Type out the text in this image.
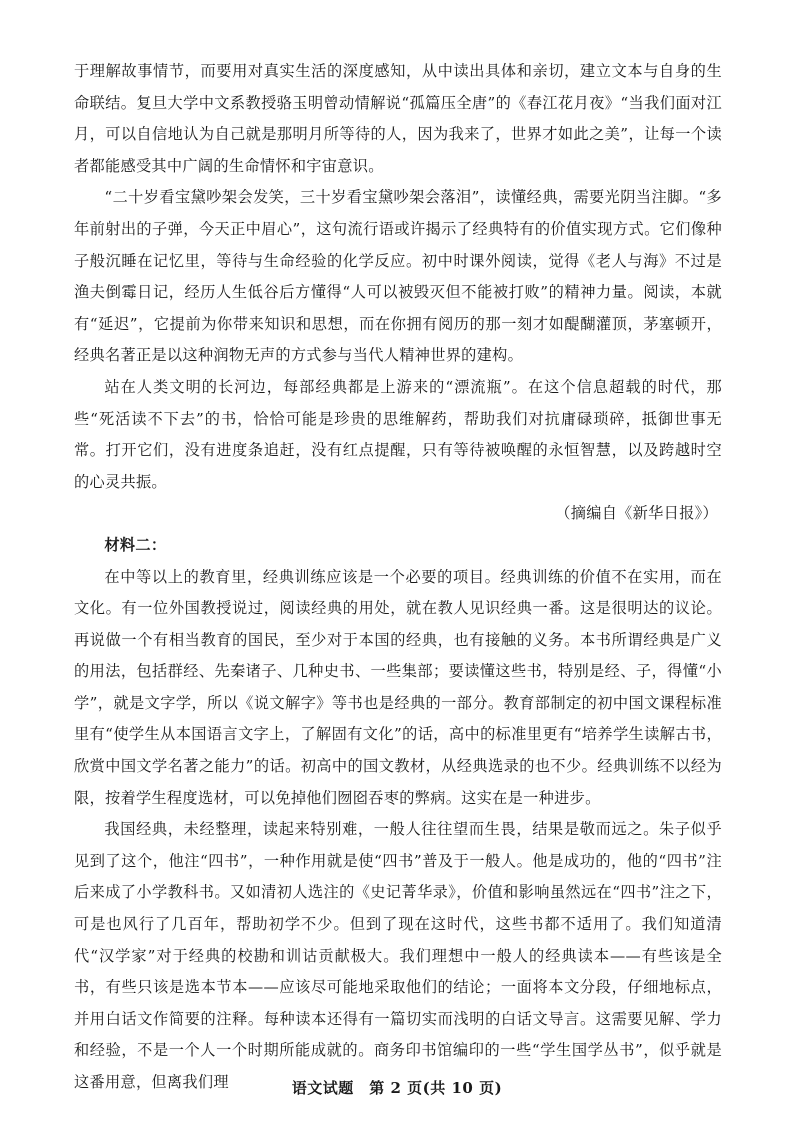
于理解故事情节，而要用对真实生活的深度感知，从中读出具体和亲切，建立文本与自身的生命联结。复旦大学中文系教授骆玉明曾动情解说“孤篇压全唐”的《春江花月夜》“当我们面对江月，可以自信地认为自己就是那明月所等待的人，因为我来了，世界才如此之美”，让每一个读者都能感受其中广阔的生命情怀和宇宙意识。

“二十岁看宝黛吵架会发笑，三十岁看宝黛吵架会落泪”，读懂经典，需要光阴当注脚。“多年前射出的子弹，今天正中眉心”，这句流行语或许揭示了经典特有的价值实现方式。它们像种子般沉睡在记忆里，等待与生命经验的化学反应。初中时课外阅读，觉得《老人与海》不过是渔夫倒霉日记，经历人生低谷后方懂得“人可以被毁灭但不能被打败”的精神力量。阅读，本就有“延迟”，它提前为你带来知识和思想，而在你拥有阅历的那一刻才如醍醐灌顶，茅塞顿开，经典名著正是以这种润物无声的方式参与当代人精神世界的建构。

站在人类文明的长河边，每部经典都是上游来的“漂流瓶”。在这个信息超载的时代，那些“死活读不下去”的书，恰恰可能是珍贵的思维解药，帮助我们对抗庸碌琐碎，抵御世事无常。打开它们，没有进度条追赶，没有红点提醒，只有等待被唤醒的永恒智慧，以及跨越时空的心灵共振。

（摘编自《新华日报》）

材料二：

在中等以上的教育里，经典训练应该是一个必要的项目。经典训练的价值不在实用，而在文化。有一位外国教授说过，阅读经典的用处，就在教人见识经典一番。这是很明达的议论。再说做一个有相当教育的国民，至少对于本国的经典，也有接触的义务。本书所谓经典是广义的用法，包括群经、先秦诸子、几种史书、一些集部；要读懂这些书，特别是经、子，得懂“小学”，就是文字学，所以《说文解字》等书也是经典的一部分。教育部制定的初中国文课程标准里有“使学生从本国语言文字上，了解固有文化”的话，高中的标准里更有“培养学生读解古书，欣赏中国文学名著之能力”的话。初高中的国文教材，从经典选录的也不少。经典训练不以经为限，按着学生程度选材，可以免掉他们囫囵吞枣的弊病。这实在是一种进步。

我国经典，未经整理，读起来特别难，一般人往往望而生畏，结果是敬而远之。朱子似乎见到了这个，他注“四书”，一种作用就是使“四书”普及于一般人。他是成功的，他的“四书”注后来成了小学教科书。又如清初人选注的《史记菁华录》，价值和影响虽然远在“四书”注之下，可是也风行了几百年，帮助初学不少。但到了现在这时代，这些书都不适用了。我们知道清代“汉学家”对于经典的校勘和训诂贡献极大。我们理想中一般人的经典读本——有些该是全书，有些只该是选本节本——应该尽可能地采取他们的结论；一面将本文分段，仔细地标点，并用白话文作简要的注释。每种读本还得有一篇切实而浅明的白话文导言。这需要见解、学力和经验，不是一个人一个时期所能成就的。商务印书馆编印的一些“学生国学丛书”，似乎就是这番用意，但离我们理	语文试题　第 2 页(共 10 页)
